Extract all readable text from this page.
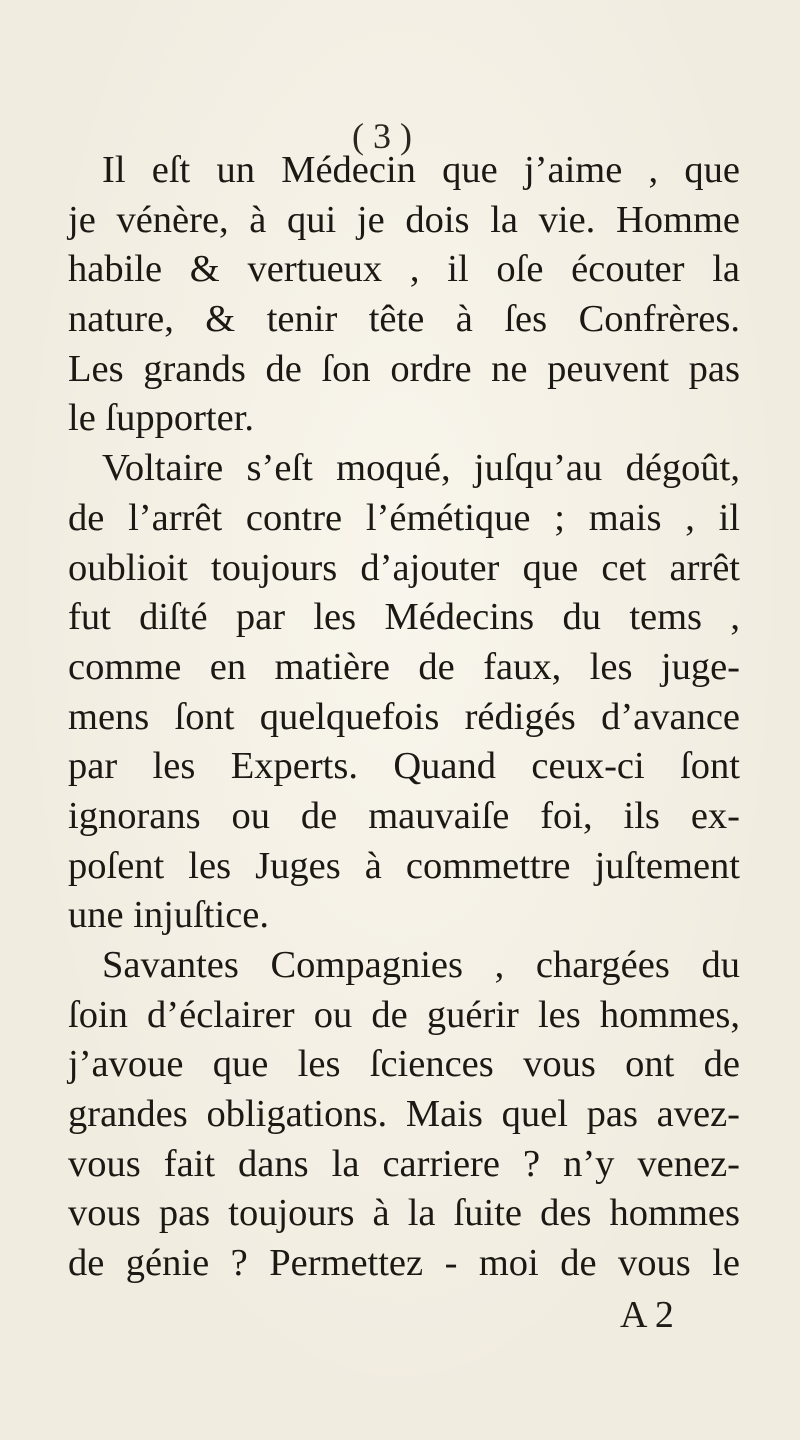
( 3 )
Il eſt un Médecin que j’aime , que
je vénère, à qui je dois la vie. Homme
habile & vertueux , il oſe écouter la
nature, & tenir tête à ſes Confrères.
Les grands de ſon ordre ne peuvent pas
le ſupporter.
Voltaire s’eſt moqué, juſqu’au dégoût,
de l’arrêt contre l’émétique ; mais , il
oublioit toujours d’ajouter que cet arrêt
fut diſté par les Médecins du tems ,
comme en matière de faux, les juge-
mens ſont quelquefois rédigés d’avance
par les Experts. Quand ceux-ci ſont
ignorans ou de mauvaiſe foi, ils ex-
poſent les Juges à commettre juſtement
une injuſtice.
Savantes Compagnies , chargées du
ſoin d’éclairer ou de guérir les hommes,
j’avoue que les ſciences vous ont de
grandes obligations. Mais quel pas avez-
vous fait dans la carriere ? n’y venez-
vous pas toujours à la ſuite des hommes
de génie ? Permettez - moi de vous le
A 2
